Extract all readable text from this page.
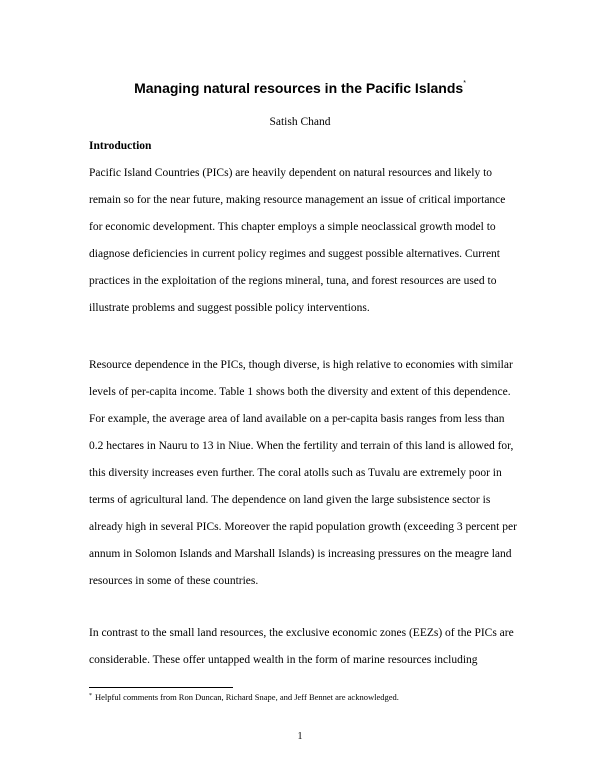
Managing natural resources in the Pacific Islands*
Satish Chand
Introduction

Pacific Island Countries (PICs) are heavily dependent on natural resources and likely to remain so for the near future, making resource management an issue of critical importance for economic development. This chapter employs a simple neoclassical growth model to diagnose deficiencies in current policy regimes and suggest possible alternatives. Current practices in the exploitation of the regions mineral, tuna, and forest resources are used to illustrate problems and suggest possible policy interventions.

Resource dependence in the PICs, though diverse, is high relative to economies with similar levels of per-capita income. Table 1 shows both the diversity and extent of this dependence. For example, the average area of land available on a per-capita basis ranges from less than 0.2 hectares in Nauru to 13 in Niue. When the fertility and terrain of this land is allowed for, this diversity increases even further. The coral atolls such as Tuvalu are extremely poor in terms of agricultural land. The dependence on land given the large subsistence sector is already high in several PICs. Moreover the rapid population growth (exceeding 3 percent per annum in Solomon Islands and Marshall Islands) is increasing pressures on the meagre land resources in some of these countries.

In contrast to the small land resources, the exclusive economic zones (EEZs) of the PICs are considerable. These offer untapped wealth in the form of marine resources including

* Helpful comments from Ron Duncan, Richard Snape, and Jeff Bennet are acknowledged.
1
